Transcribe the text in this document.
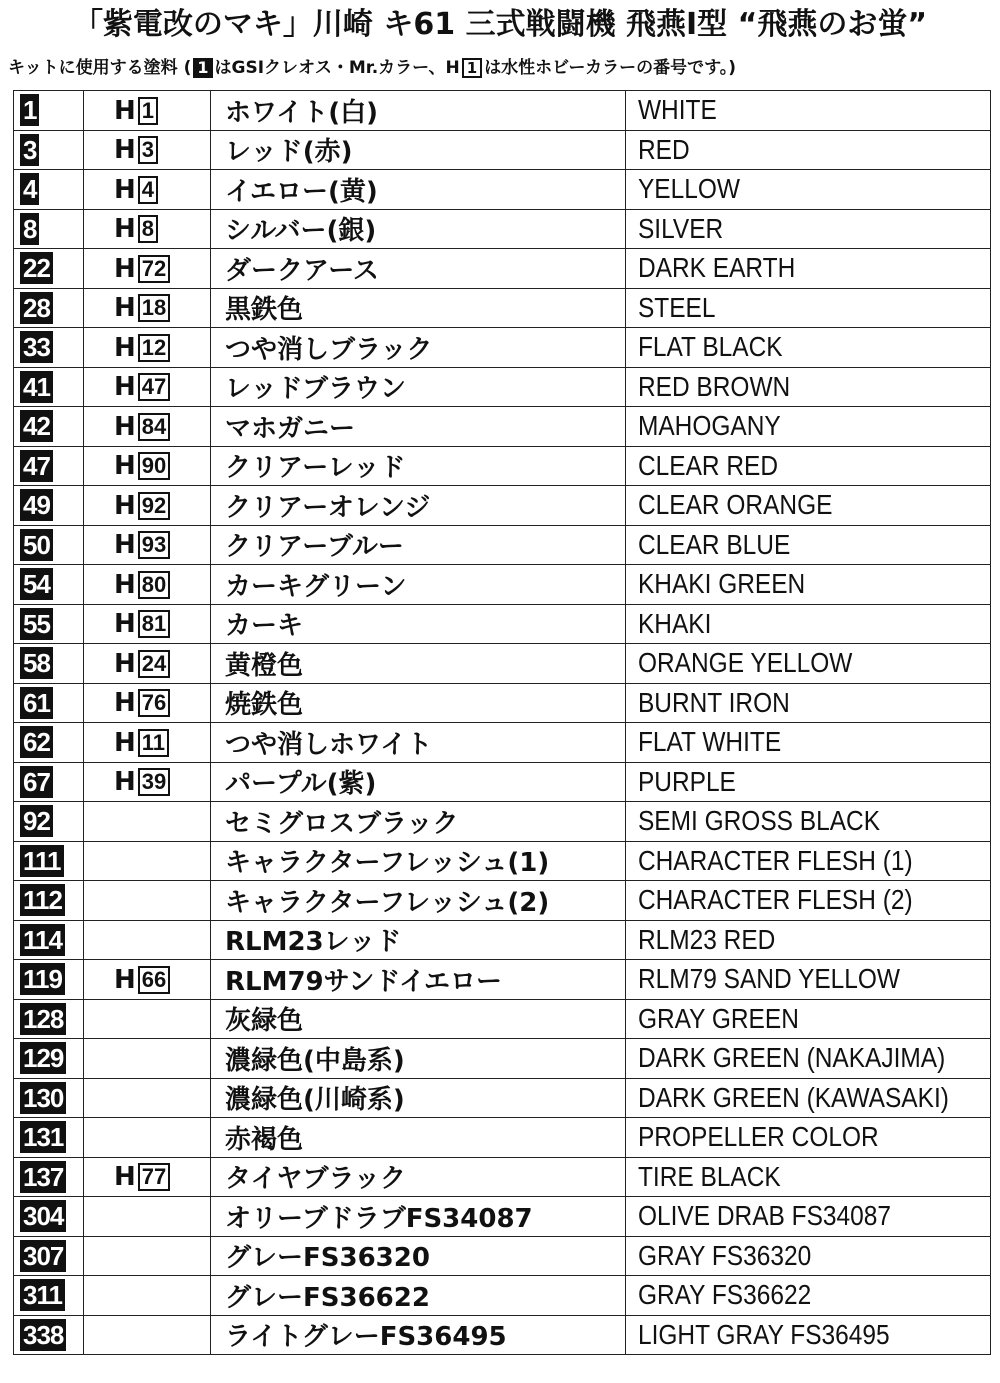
「紫電改のマキ」川崎 キ61 三式戦闘機 飛燕Ⅰ型 “飛燕のお蛍”
キットに使用する塗料 ( 1 はGSIクレオス・Mr.カラー、H 1 は水性ホビーカラーの番号です。)
1	H 1	ホワイト(白)	WHITE
3	H 3	レッド(赤)	RED
4	H 4	イエロー(黄)	YELLOW
8	H 8	シルバー(銀)	SILVER
22	H 72	ダークアース	DARK EARTH
28	H 18	黒鉄色	STEEL
33	H 12	つや消しブラック	FLAT BLACK
41	H 47	レッドブラウン	RED BROWN
42	H 84	マホガニー	MAHOGANY
47	H 90	クリアーレッド	CLEAR RED
49	H 92	クリアーオレンジ	CLEAR ORANGE
50	H 93	クリアーブルー	CLEAR BLUE
54	H 80	カーキグリーン	KHAKI GREEN
55	H 81	カーキ	KHAKI
58	H 24	黄橙色	ORANGE YELLOW
61	H 76	焼鉄色	BURNT IRON
62	H 11	つや消しホワイト	FLAT WHITE
67	H 39	パープル(紫)	PURPLE
92		セミグロスブラック	SEMI GROSS BLACK
111		キャラクターフレッシュ(1)	CHARACTER FLESH (1)
112		キャラクターフレッシュ(2)	CHARACTER FLESH (2)
114		RLM23レッド	RLM23 RED
119	H 66	RLM79サンドイエロー	RLM79 SAND YELLOW
128		灰緑色	GRAY GREEN
129		濃緑色(中島系)	DARK GREEN (NAKAJIMA)
130		濃緑色(川崎系)	DARK GREEN (KAWASAKI)
131		赤褐色	PROPELLER COLOR
137	H 77	タイヤブラック	TIRE BLACK
304		オリーブドラブFS34087	OLIVE DRAB FS34087
307		グレーFS36320	GRAY FS36320
311		グレーFS36622	GRAY FS36622
338		ライトグレーFS36495	LIGHT GRAY FS36495
